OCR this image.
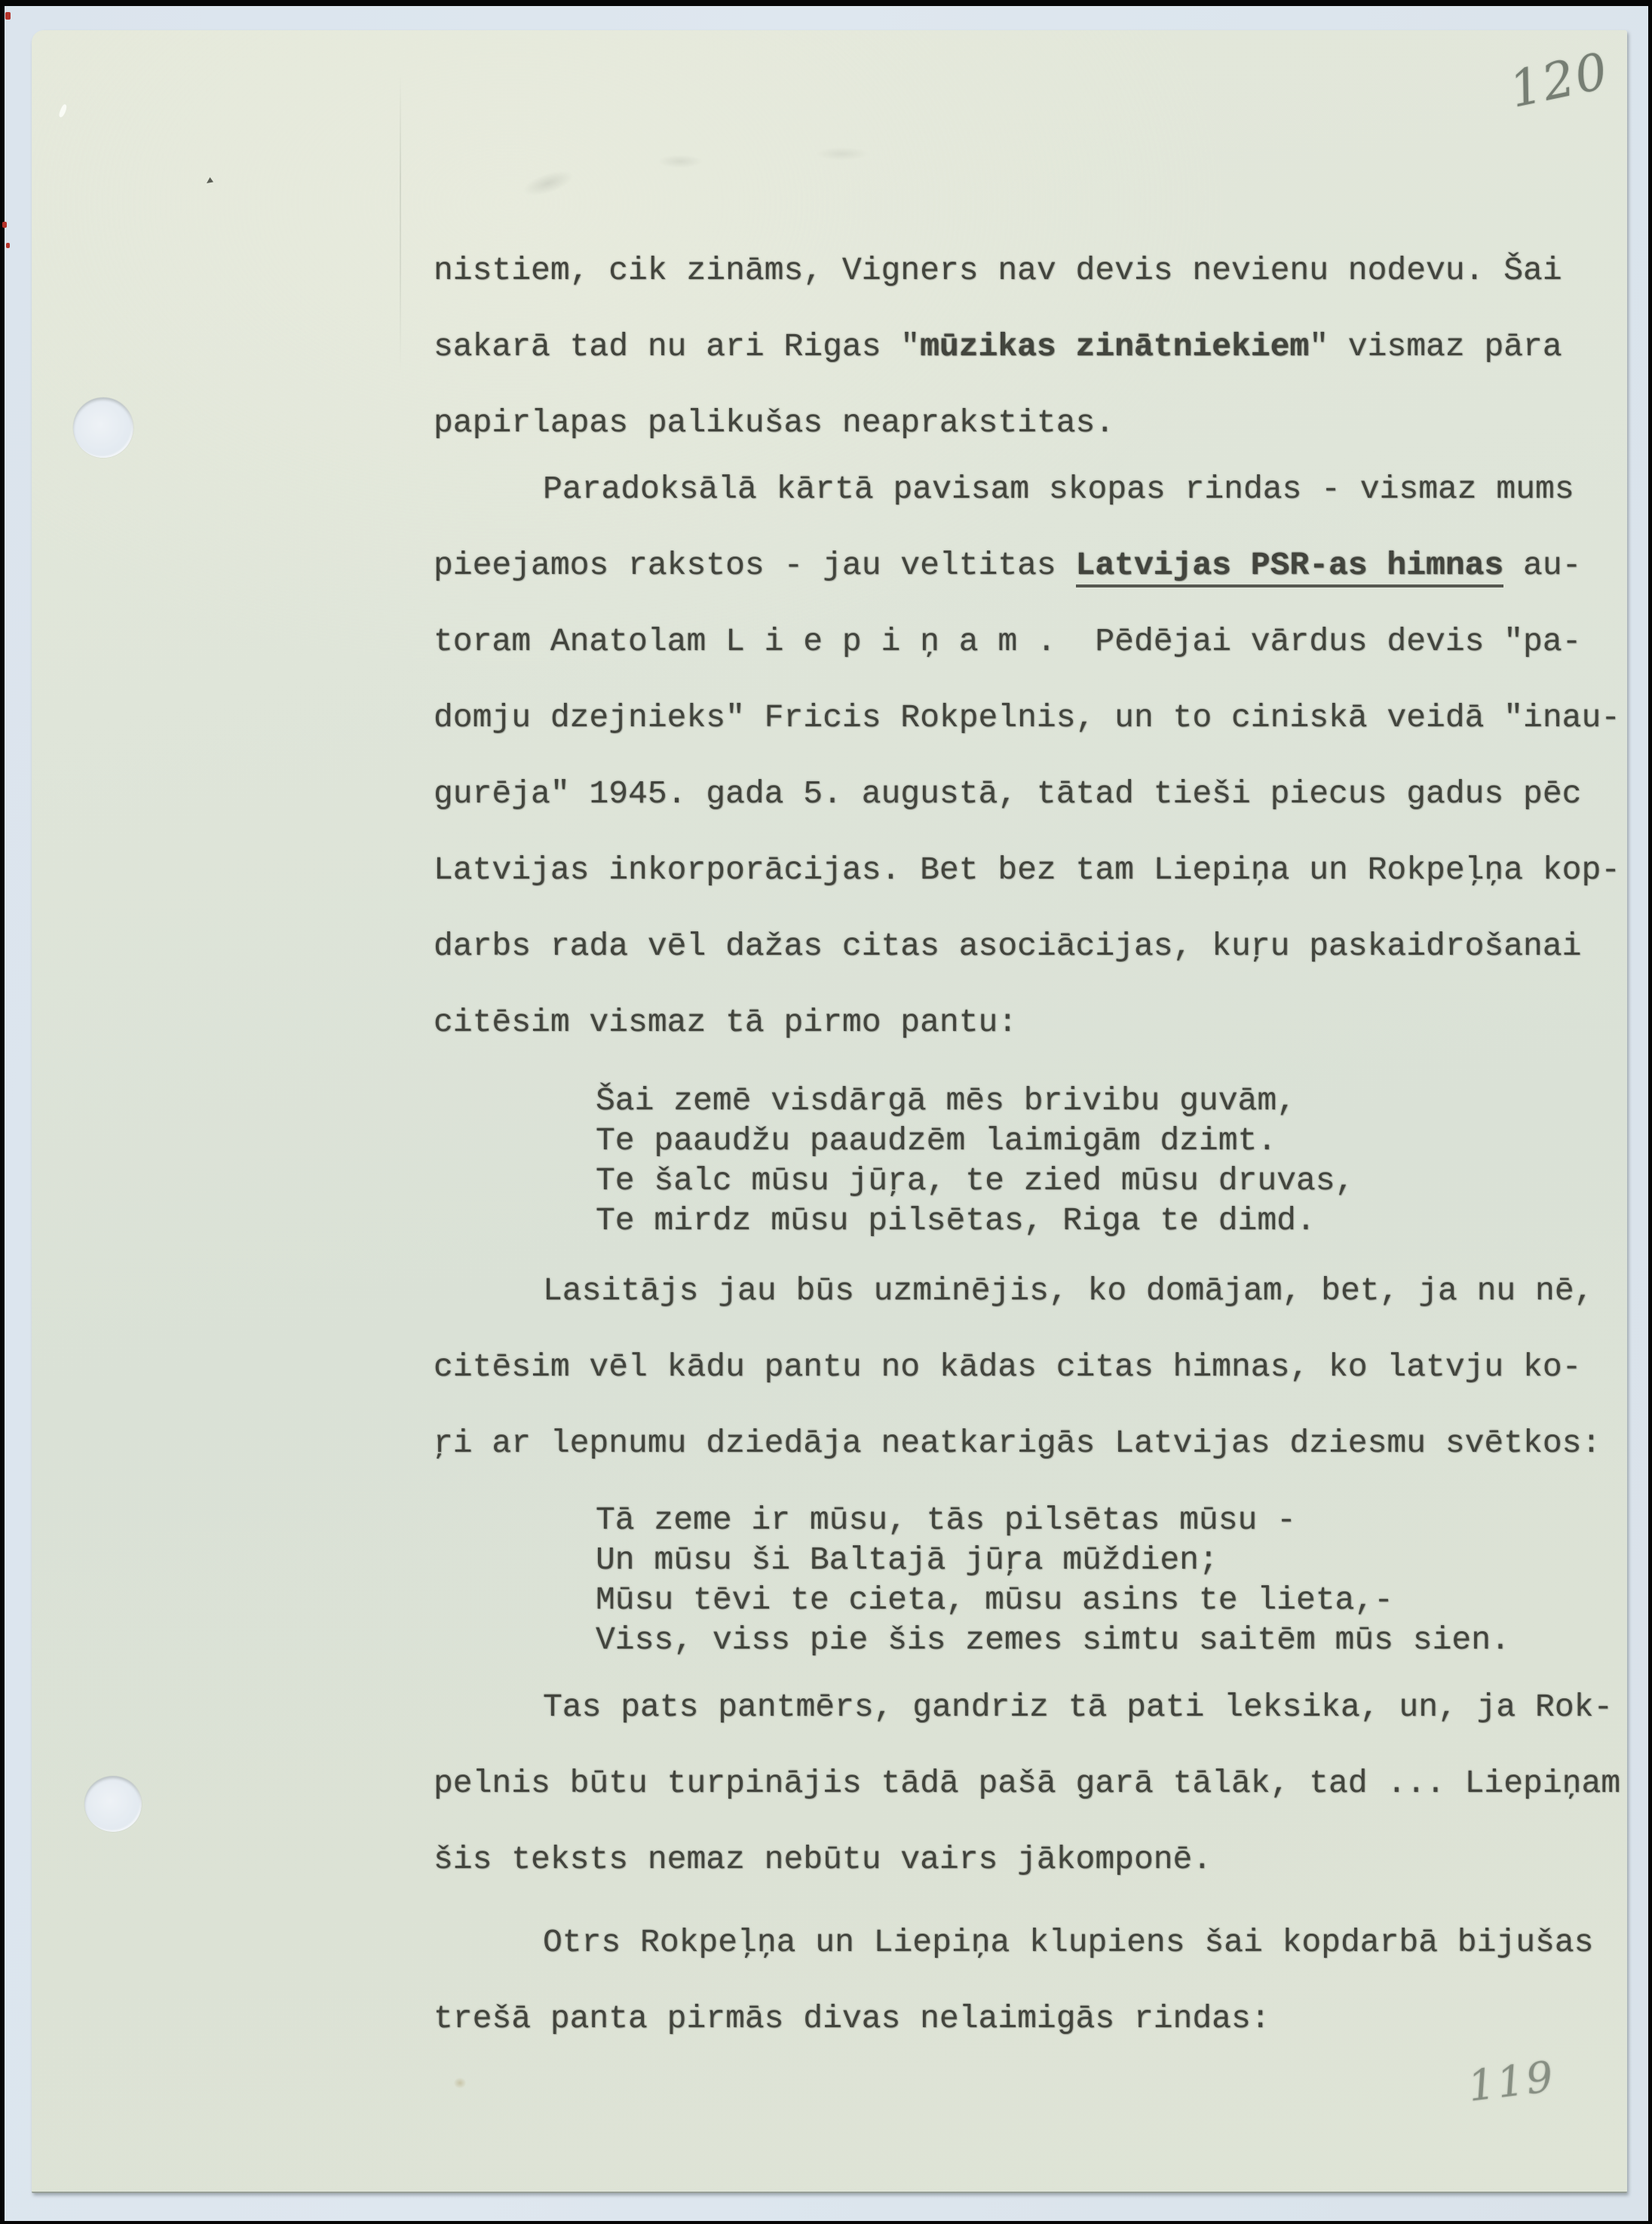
120
119
nistiem, cik zināms, Vigners nav devis nevienu nodevu. Šai
sakarā tad nu ari Rigas "mūzikas zinātniekiem" vismaz pāra
papirlapas palikušas neaprakstitas.
Paradoksālā kārtā pavisam skopas rindas - vismaz mums
pieejamos rakstos - jau veltitas Latvijas PSR-as himnas au-
toram Anatolam L i e p i ņ a m .  Pēdējai vārdus devis "pa-
domju dzejnieks" Fricis Rokpelnis, un to ciniskā veidā "inau-
gurēja" 1945. gada 5. augustā, tātad tieši piecus gadus pēc
Latvijas inkorporācijas. Bet bez tam Liepiņa un Rokpeļņa kop-
darbs rada vēl dažas citas asociācijas, kuŗu paskaidrošanai
citēsim vismaz tā pirmo pantu:
Šai zemē visdārgā mēs brivibu guvām,
Te paaudžu paaudzēm laimigām dzimt.
Te šalc mūsu jūŗa, te zied mūsu druvas,
Te mirdz mūsu pilsētas, Riga te dimd.
Lasitājs jau būs uzminējis, ko domājam, bet, ja nu nē,
citēsim vēl kādu pantu no kādas citas himnas, ko latvju ko-
ŗi ar lepnumu dziedāja neatkarigās Latvijas dziesmu svētkos:
Tā zeme ir mūsu, tās pilsētas mūsu -
Un mūsu ši Baltajā jūŗa mūždien;
Mūsu tēvi te cieta, mūsu asins te lieta,-
Viss, viss pie šis zemes simtu saitēm mūs sien.
Tas pats pantmērs, gandriz tā pati leksika, un, ja Rok-
pelnis būtu turpinājis tādā pašā garā tālāk, tad ... Liepiņam
šis teksts nemaz nebūtu vairs jākomponē.
Otrs Rokpeļņa un Liepiņa klupiens šai kopdarbā bijušas
trešā panta pirmās divas nelaimigās rindas:
